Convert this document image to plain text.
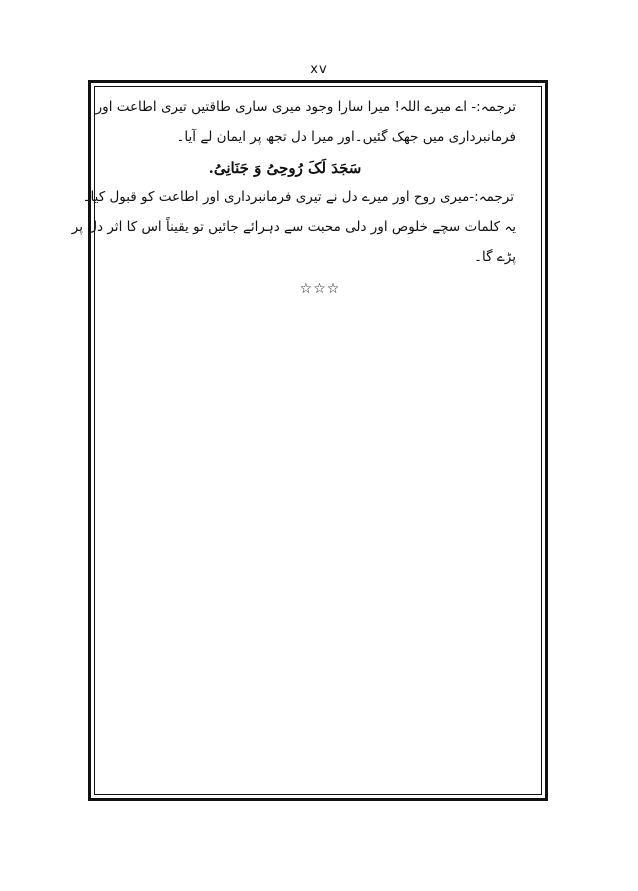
xv
ترجمہ:- اے میرے اللہ! میرا سارا وجود میری ساری طاقتیں تیری اطاعت اور
فرمانبرداری میں جھک گئیں۔اور میرا دل تجھ پر ایمان لے آیا۔
سَجَدَ لَکَ رُوحِیُ وَ جَنَانِیُ.
ترجمہ:-میری روح اور میرے دل نے تیری فرمانبرداری اور اطاعت کو قبول کیا۔
یہ کلمات سچے خلوص اور دلی محبت سے دہرائے جائیں تو یقیناً اس کا اثر دل پر
پڑے گا۔
☆☆☆
